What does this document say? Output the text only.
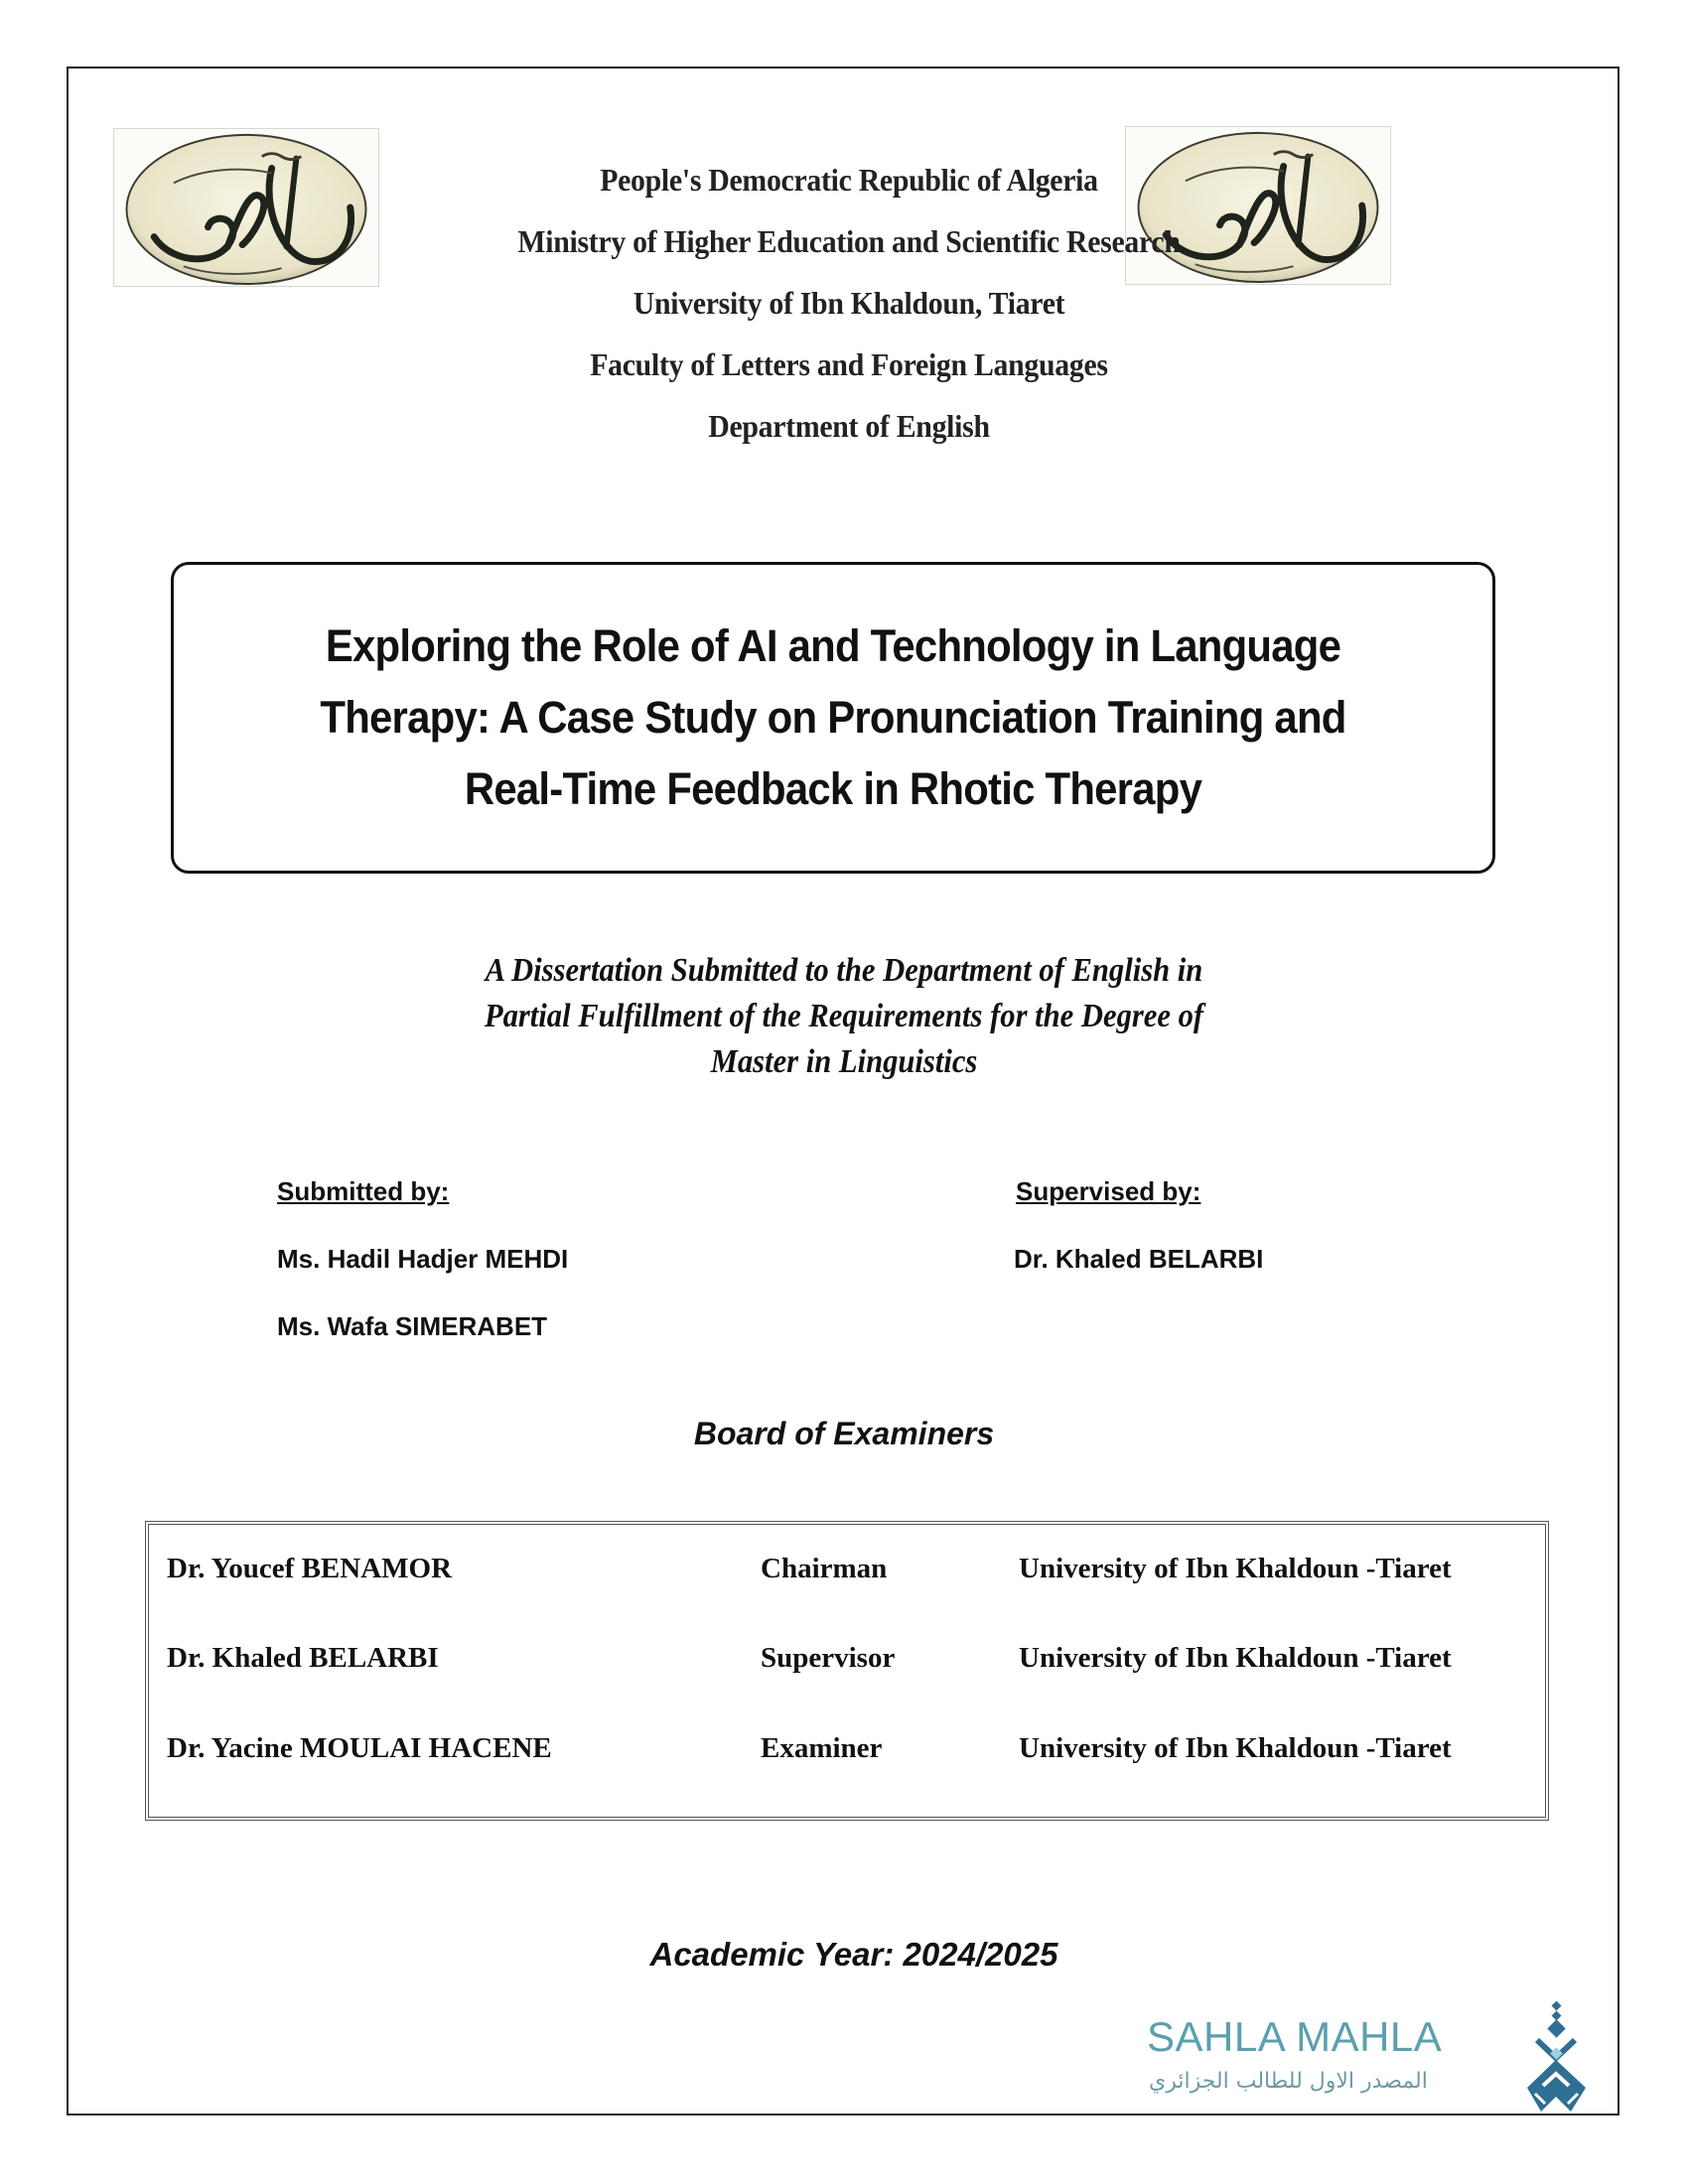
People's Democratic Republic of Algeria
Ministry of Higher Education and Scientific Research
University of Ibn Khaldoun, Tiaret
Faculty of Letters and Foreign Languages
Department of English
Exploring the Role of AI and Technology in Language
Therapy: A Case Study on Pronunciation Training and
Real-Time Feedback in Rhotic Therapy
A Dissertation Submitted to the Department of English in
Partial Fulfillment of the Requirements for the Degree of
Master in Linguistics
Submitted by:
Ms. Hadil Hadjer MEHDI
Ms. Wafa SIMERABET
Supervised by:
Dr. Khaled BELARBI
Board of Examiners
Dr. Youcef BENAMOR	Chairman	University of Ibn Khaldoun -Tiaret
Dr. Khaled BELARBI	Supervisor	University of Ibn Khaldoun -Tiaret
Dr. Yacine MOULAI HACENE	Examiner	University of Ibn Khaldoun -Tiaret
Academic Year: 2024/2025
SAHLA MAHLA
المصدر الاول للطالب الجزائري
